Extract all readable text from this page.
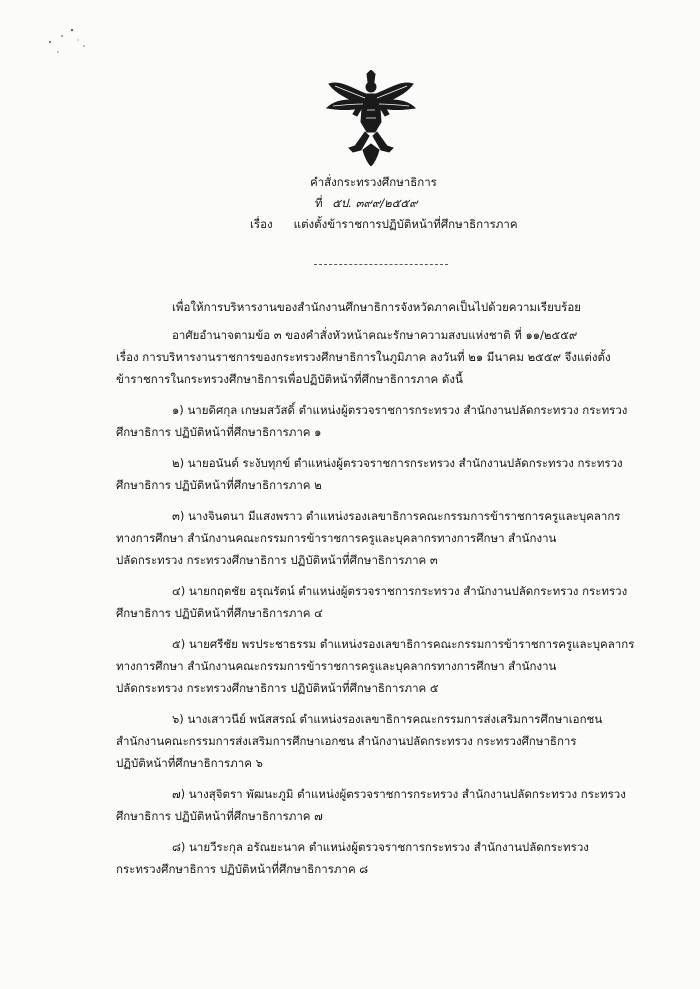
คำสั่งกระทรวงศึกษาธิการ
ที่ ๕ป. ๓๙๙/๒๕๕๙
เรื่อง แต่งตั้งข้าราชการปฏิบัติหน้าที่ศึกษาธิการภาค

เพื่อให้การบริหารงานของสำนักงานศึกษาธิการจังหวัดภาคเป็นไปด้วยความเรียบร้อย

อาศัยอำนาจตามข้อ ๓ ของคำสั่งหัวหน้าคณะรักษาความสงบแห่งชาติ ที่ ๑๑/๒๕๕๙
เรื่อง การบริหารงานราชการของกระทรวงศึกษาธิการในภูมิภาค ลงวันที่ ๒๑ มีนาคม ๒๕๕๙ จึงแต่งตั้ง
ข้าราชการในกระทรวงศึกษาธิการเพื่อปฏิบัติหน้าที่ศึกษาธิการภาค ดังนี้

๑) นายดิศกุล เกษมสวัสดิ์ ตำแหน่งผู้ตรวจราชการกระทรวง สำนักงานปลัดกระทรวง กระทรวง
ศึกษาธิการ ปฏิบัติหน้าที่ศึกษาธิการภาค ๑

๒) นายอนันต์ ระงับทุกข์ ตำแหน่งผู้ตรวจราชการกระทรวง สำนักงานปลัดกระทรวง กระทรวง
ศึกษาธิการ ปฏิบัติหน้าที่ศึกษาธิการภาค ๒

๓) นางจินตนา มีแสงพราว ตำแหน่งรองเลขาธิการคณะกรรมการข้าราชการครูและบุคลากร
ทางการศึกษา สำนักงานคณะกรรมการข้าราชการครูและบุคลากรทางการศึกษา สำนักงาน
ปลัดกระทรวง กระทรวงศึกษาธิการ ปฏิบัติหน้าที่ศึกษาธิการภาค ๓

๔) นายกฤตชัย อรุณรัตน์ ตำแหน่งผู้ตรวจราชการกระทรวง สำนักงานปลัดกระทรวง กระทรวง
ศึกษาธิการ ปฏิบัติหน้าที่ศึกษาธิการภาค ๔

๕) นายศรีชัย พรประชาธรรม ตำแหน่งรองเลขาธิการคณะกรรมการข้าราชการครูและบุคลากร
ทางการศึกษา สำนักงานคณะกรรมการข้าราชการครูและบุคลากรทางการศึกษา สำนักงาน
ปลัดกระทรวง กระทรวงศึกษาธิการ ปฏิบัติหน้าที่ศึกษาธิการภาค ๕

๖) นางเสาวนีย์ พนัสสรณ์ ตำแหน่งรองเลขาธิการคณะกรรมการส่งเสริมการศึกษาเอกชน
สำนักงานคณะกรรมการส่งเสริมการศึกษาเอกชน สำนักงานปลัดกระทรวง กระทรวงศึกษาธิการ
ปฏิบัติหน้าที่ศึกษาธิการภาค ๖

๗) นางสุจิตรา พัฒนะภูมิ ตำแหน่งผู้ตรวจราชการกระทรวง สำนักงานปลัดกระทรวง กระทรวง
ศึกษาธิการ ปฏิบัติหน้าที่ศึกษาธิการภาค ๗

๘) นายวีระกุล อรัณยะนาค ตำแหน่งผู้ตรวจราชการกระทรวง สำนักงานปลัดกระทรวง
กระทรวงศึกษาธิการ ปฏิบัติหน้าที่ศึกษาธิการภาค ๘
